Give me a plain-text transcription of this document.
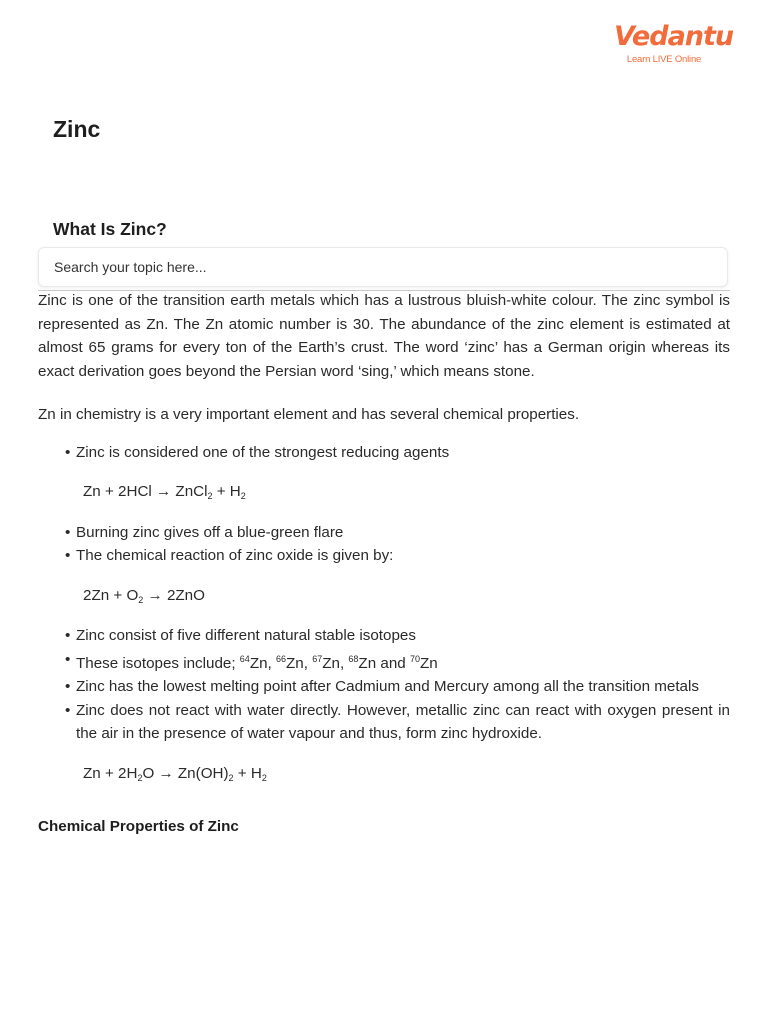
Vedantu
Learn LIVE Online
Zinc
What Is Zinc?
Search your topic here...

Zinc is one of the transition earth metals which has a lustrous bluish-white colour. The zinc symbol is represented as Zn. The Zn atomic number is 30. The abundance of the zinc element is estimated at almost 65 grams for every ton of the Earth’s crust. The word ‘zinc’ has a German origin whereas its exact derivation goes beyond the Persian word ‘sing,’ which means stone.

Zn in chemistry is a very important element and has several chemical properties.

• Zinc is considered one of the strongest reducing agents
Zn + 2HCl → ZnCl$_2$ + $H_2$
• Burning zinc gives off a blue-green flare
• The chemical reaction of zinc oxide is given by:
$2Zn + O_2 \to 2ZnO$
• Zinc consist of five different natural stable isotopes
• These isotopes include; $^{64}$Zn, $^{66}$Zn, $^{67}$Zn, $^{68}$Zn and $^{70}$Zn
• Zinc has the lowest melting point after Cadmium and Mercury among all the transition metals
• Zinc does not react with water directly. However, metallic zinc can react with oxygen present in the air in the presence of water vapour and thus, form zinc hydroxide.
$Zn + 2H_2O \to Zn(OH)_2 + H_2$

Chemical Properties of Zinc
